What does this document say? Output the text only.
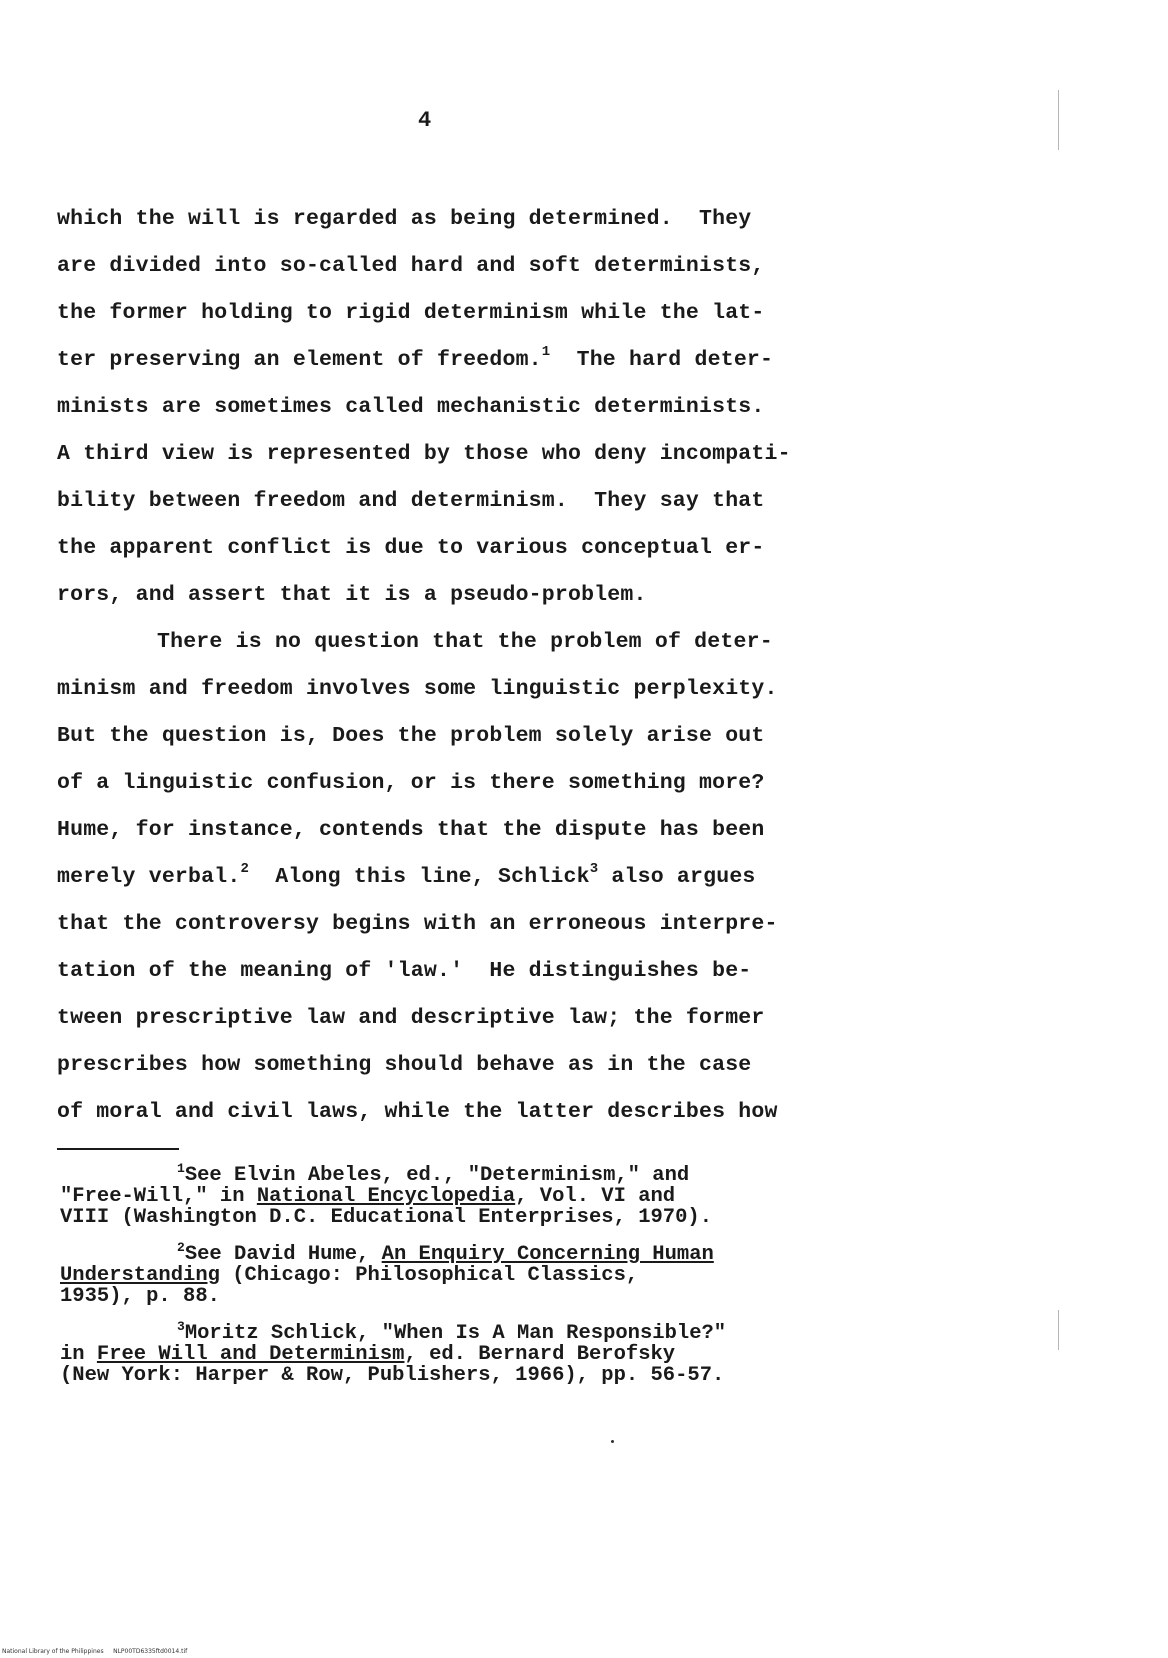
4
which the will is regarded as being determined.  They
are divided into so-called hard and soft determinists,
the former holding to rigid determinism while the lat-
ter preserving an element of freedom.$^1$  The hard deter-
minists are sometimes called mechanistic determinists.
A third view is represented by those who deny incompati-
bility between freedom and determinism.  They say that
the apparent conflict is due to various conceptual er-
rors, and assert that it is a pseudo-problem.
There is no question that the problem of deter-
minism and freedom involves some linguistic perplexity.
But the question is, Does the problem solely arise out
of a linguistic confusion, or is there something more?
Hume, for instance, contends that the dispute has been
merely verbal.$^2$  Along this line, Schlick$^3$ also argues
that the controversy begins with an erroneous interpre-
tation of the meaning of 'law.'  He distinguishes be-
tween prescriptive law and descriptive law; the former
prescribes how something should behave as in the case
of moral and civil laws, while the latter describes how
$^1$See Elvin Abeles, ed., "Determinism," and
"Free-Will," in National Encyclopedia, Vol. VI and
VIII (Washington D.C. Educational Enterprises, 1970).
$^2$See David Hume, An Enquiry Concerning Human
Understanding (Chicago: Philosophical Classics,
1935), p. 88.
$^3$Moritz Schlick, "When Is A Man Responsible?"
in Free Will and Determinism, ed. Bernard Berofsky
(New York: Harper & Row, Publishers, 1966), pp. 56-57.
National Library of the Philippines     NLP00TD6335ftd0014.tif
